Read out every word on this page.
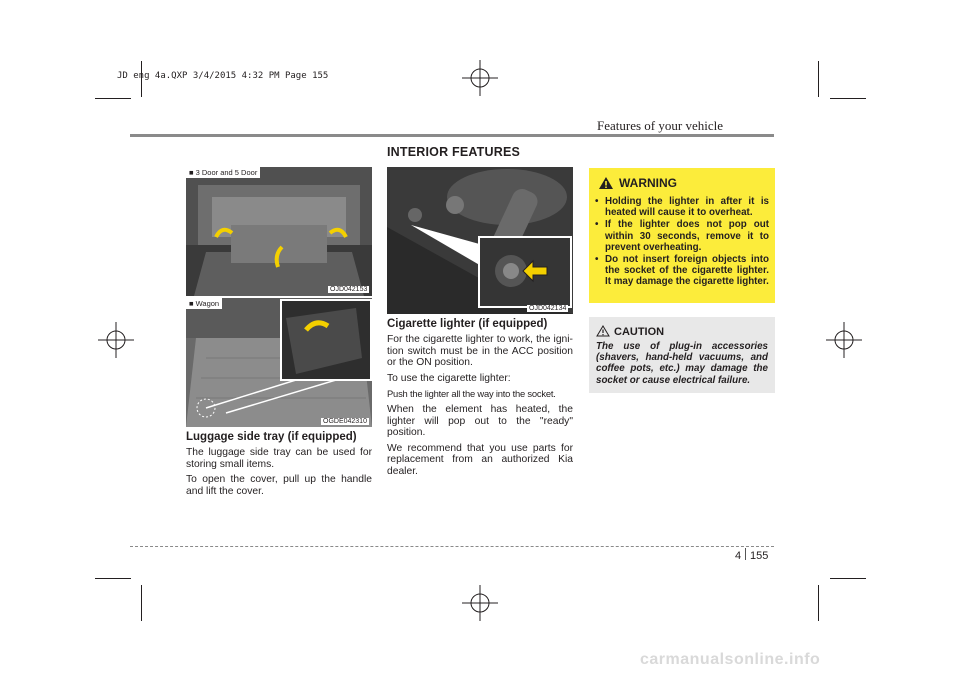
JD eng 4a.QXP 3/4/2015 4:32 PM Page 155
Features of your vehicle
■ 3 Door and 5 Door
OJD042153
■ Wagon
OGDE042310
Luggage side tray (if equipped)

The luggage side tray can be used for storing small items.

To open the cover, pull up the handle and lift the cover.

INTERIOR FEATURES
OJD042134
Cigarette lighter (if equipped)

For the cigarette lighter to work, the igni-tion switch must be in the ACC position or the ON position.

To use the cigarette lighter:

Push the lighter all the way into the socket.

When the element has heated, the lighter will pop out to the "ready" position.

We recommend that you use parts for replacement from an authorized Kia dealer.

WARNING
• Holding the lighter in after it is heated will cause it to overheat.
• If the lighter does not pop out within 30 seconds, remove it to prevent overheating.
• Do not insert foreign objects into the socket of the cigarette lighter. It may damage the cigarette lighter.
CAUTION
The use of plug-in accessories (shavers, hand-held vacuums, and coffee pots, etc.) may damage the socket or cause electrical failure.
4 155
carmanualsonline.info
